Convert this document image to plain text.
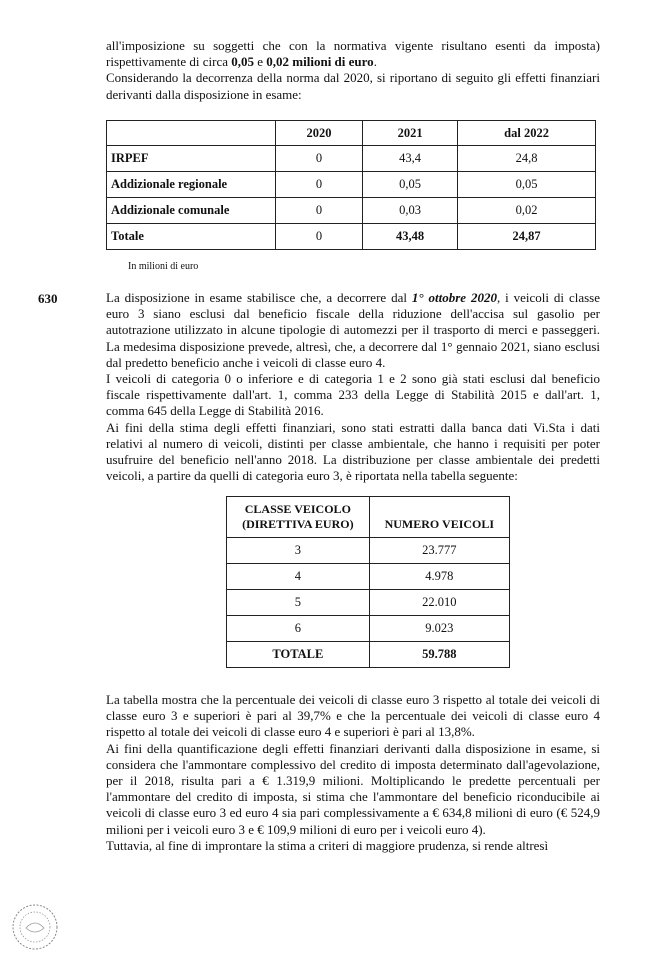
all'imposizione su soggetti che con la normativa vigente risultano esenti da imposta) rispettivamente di circa 0,05 e 0,02 milioni di euro.
Considerando la decorrenza della norma dal 2020, si riportano di seguito gli effetti finanziari derivanti dalla disposizione in esame:

	2020	2021	dal 2022
IRPEF	0	43,4	24,8
Addizionale regionale	0	0,05	0,05
Addizionale comunale	0	0,03	0,02
Totale	0	43,48	24,87
In milioni di euro
630	La disposizione in esame stabilisce che, a decorrere dal 1° ottobre 2020, i veicoli di classe euro 3 siano esclusi dal beneficio fiscale della riduzione dell'accisa sul gasolio per autotrazione utilizzato in alcune tipologie di automezzi per il trasporto di merci e passeggeri. La medesima disposizione prevede, altresì, che, a decorrere dal 1° gennaio 2021, siano esclusi dal predetto beneficio anche i veicoli di classe euro 4.
I veicoli di categoria 0 o inferiore e di categoria 1 e 2 sono già stati esclusi dal beneficio fiscale rispettivamente dall'art. 1, comma 233 della Legge di Stabilità 2015 e dall'art. 1, comma 645 della Legge di Stabilità 2016.
Ai fini della stima degli effetti finanziari, sono stati estratti dalla banca dati Vi.Sta i dati relativi al numero di veicoli, distinti per classe ambientale, che hanno i requisiti per poter usufruire del beneficio nell'anno 2018. La distribuzione per classe ambientale dei predetti veicoli, a partire da quelli di categoria euro 3, è riportata nella tabella seguente:

CLASSE VEICOLO
(DIRETTIVA EURO)	NUMERO VEICOLI
3	23.777
4	4.978
5	22.010
6	9.023
TOTALE	59.788

La tabella mostra che la percentuale dei veicoli di classe euro 3 rispetto al totale dei veicoli di classe euro 3 e superiori è pari al 39,7% e che la percentuale dei veicoli di classe euro 4 rispetto al totale dei veicoli di classe euro 4 e superiori è pari al 13,8%.
Ai fini della quantificazione degli effetti finanziari derivanti dalla disposizione in esame, si considera che l'ammontare complessivo del credito di imposta determinato dall'agevolazione, per il 2018, risulta pari a € 1.319,9 milioni. Moltiplicando le predette percentuali per l'ammontare del credito di imposta, si stima che l'ammontare del beneficio riconducibile ai veicoli di classe euro 3 ed euro 4 sia pari complessivamente a € 634,8 milioni di euro (€ 524,9 milioni per i veicoli euro 3 e € 109,9 milioni di euro per i veicoli euro 4).
Tuttavia, al fine di improntare la stima a criteri di maggiore prudenza, si rende altresì
